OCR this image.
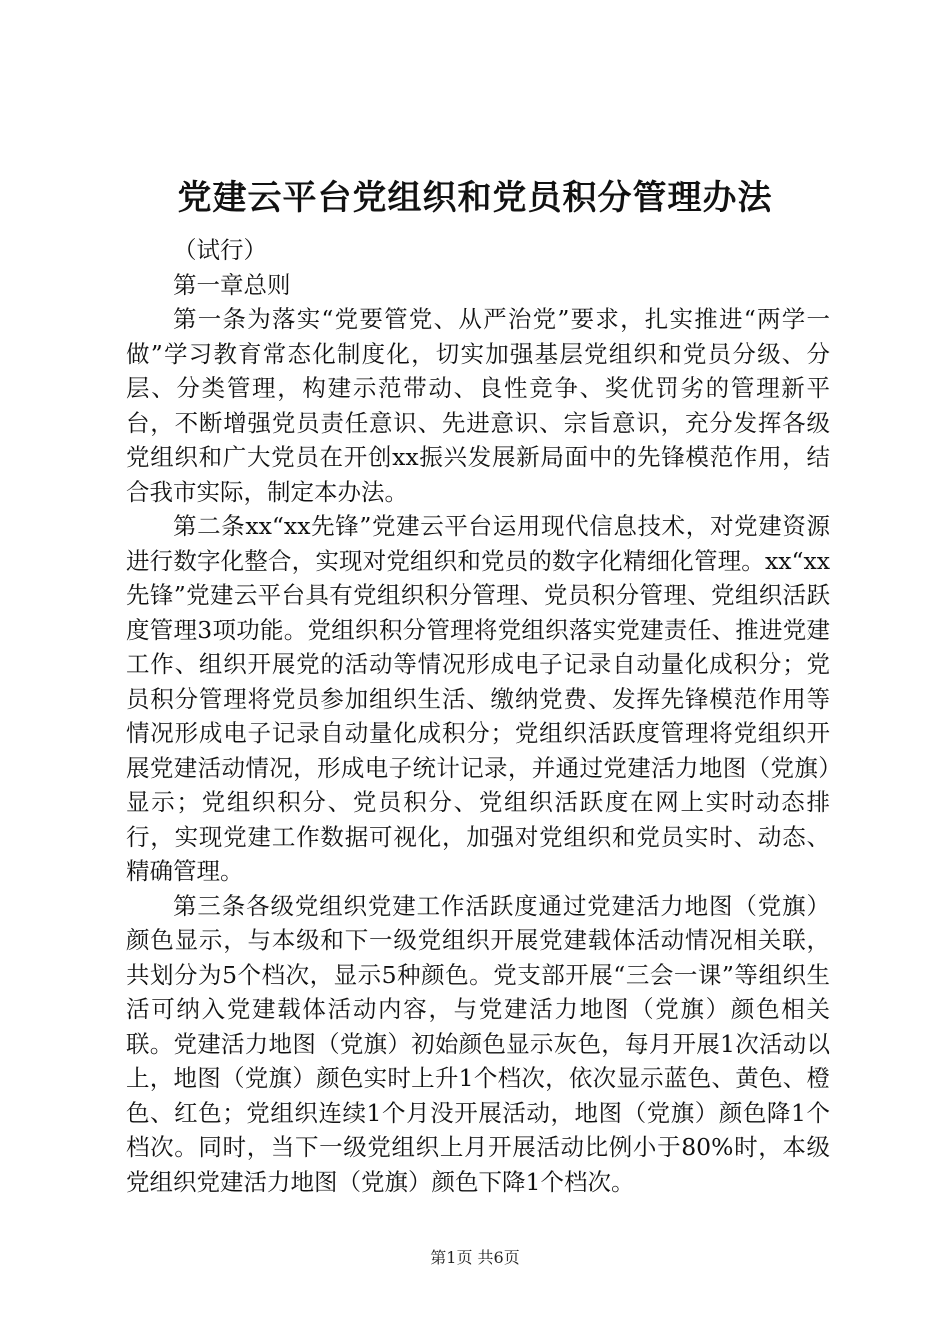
党建云平台党组织和党员积分管理办法

（试行）

第一章总则

第一条为落实“党要管党、从严治党”要求，扎实推进“两学一做”学习教育常态化制度化，切实加强基层党组织和党员分级、分层、分类管理，构建示范带动、良性竞争、奖优罚劣的管理新平台，不断增强党员责任意识、先进意识、宗旨意识，充分发挥各级党组织和广大党员在开创xx振兴发展新局面中的先锋模范作用，结合我市实际，制定本办法。

第二条xx“xx先锋”党建云平台运用现代信息技术，对党建资源进行数字化整合，实现对党组织和党员的数字化精细化管理。xx“xx先锋”党建云平台具有党组织积分管理、党员积分管理、党组织活跃度管理3项功能。党组织积分管理将党组织落实党建责任、推进党建工作、组织开展党的活动等情况形成电子记录自动量化成积分；党员积分管理将党员参加组织生活、缴纳党费、发挥先锋模范作用等情况形成电子记录自动量化成积分；党组织活跃度管理将党组织开展党建活动情况，形成电子统计记录，并通过党建活力地图（党旗）显示；党组织积分、党员积分、党组织活跃度在网上实时动态排行，实现党建工作数据可视化，加强对党组织和党员实时、动态、精确管理。

第三条各级党组织党建工作活跃度通过党建活力地图（党旗）颜色显示，与本级和下一级党组织开展党建载体活动情况相关联，共划分为5个档次，显示5种颜色。党支部开展“三会一课”等组织生活可纳入党建载体活动内容，与党建活力地图（党旗）颜色相关联。党建活力地图（党旗）初始颜色显示灰色，每月开展1次活动以上，地图（党旗）颜色实时上升1个档次，依次显示蓝色、黄色、橙色、红色；党组织连续1个月没开展活动，地图（党旗）颜色降1个档次。同时，当下一级党组织上月开展活动比例小于80%时，本级党组织党建活力地图（党旗）颜色下降1个档次。

第1页 共6页
